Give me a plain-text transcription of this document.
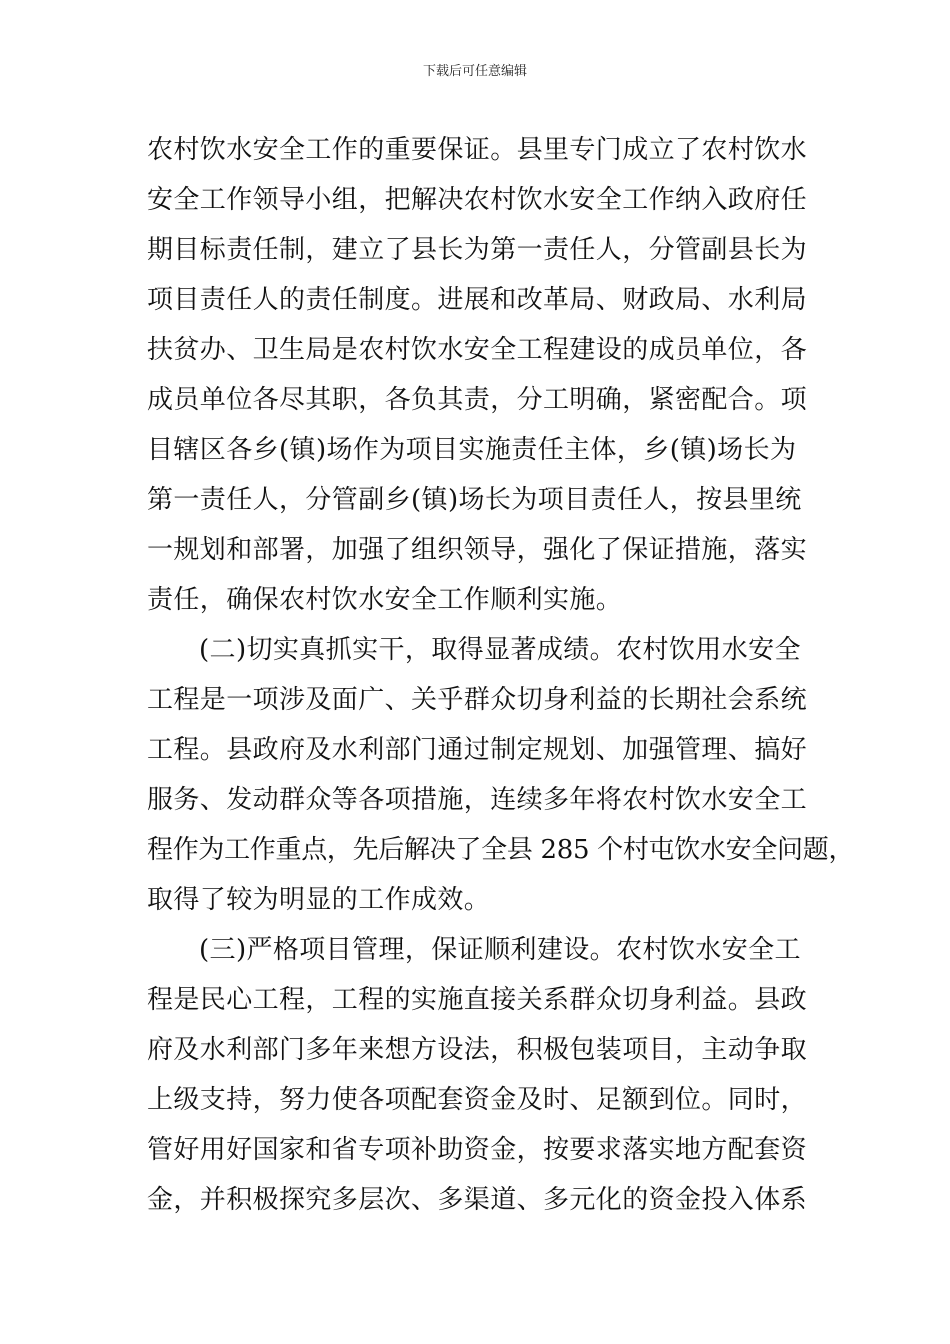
下载后可任意编辑
农村饮水安全工作的重要保证。县里专门成立了农村饮水
安全工作领导小组，把解决农村饮水安全工作纳入政府任
期目标责任制，建立了县长为第一责任人，分管副县长为
项目责任人的责任制度。进展和改革局、财政局、水利局
扶贫办、卫生局是农村饮水安全工程建设的成员单位，各
成员单位各尽其职，各负其责，分工明确，紧密配合。项
目辖区各乡(镇)场作为项目实施责任主体，乡(镇)场长为
第一责任人，分管副乡(镇)场长为项目责任人，按县里统
一规划和部署，加强了组织领导，强化了保证措施，落实
责任，确保农村饮水安全工作顺利实施。
(二)切实真抓实干，取得显著成绩。农村饮用水安全
工程是一项涉及面广、关乎群众切身利益的长期社会系统
工程。县政府及水利部门通过制定规划、加强管理、搞好
服务、发动群众等各项措施，连续多年将农村饮水安全工
程作为工作重点，先后解决了全县 285 个村屯饮水安全问题，
取得了较为明显的工作成效。
(三)严格项目管理，保证顺利建设。农村饮水安全工
程是民心工程，工程的实施直接关系群众切身利益。县政
府及水利部门多年来想方设法，积极包装项目，主动争取
上级支持，努力使各项配套资金及时、足额到位。同时，
管好用好国家和省专项补助资金，按要求落实地方配套资
金，并积极探究多层次、多渠道、多元化的资金投入体系
